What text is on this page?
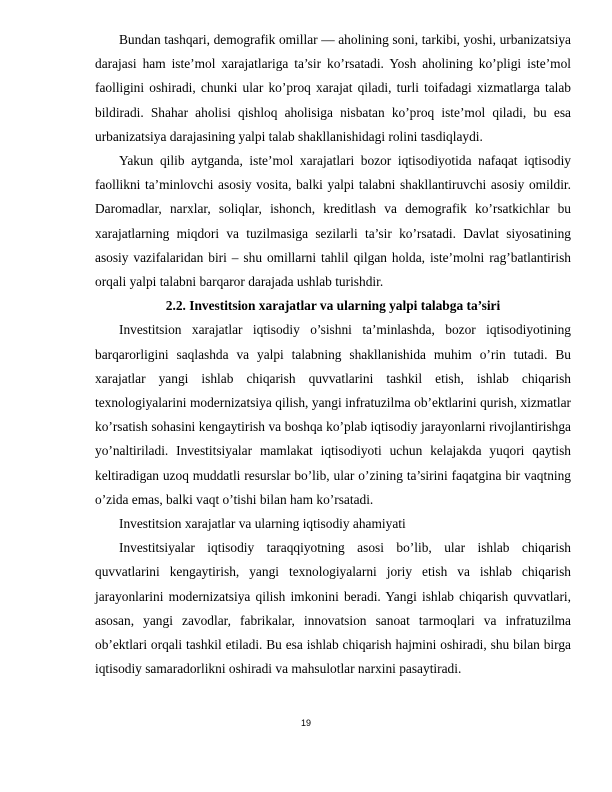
Bundan tashqari, demografik omillar — aholining soni, tarkibi, yoshi, urbanizatsiya darajasi ham iste’mol xarajatlariga ta’sir ko’rsatadi. Yosh aholining ko’pligi iste’mol faolligini oshiradi, chunki ular ko’proq xarajat qiladi, turli toifadagi xizmatlarga talab bildiradi. Shahar aholisi qishloq aholisiga nisbatan ko’proq iste’mol qiladi, bu esa urbanizatsiya darajasining yalpi talab shakllanishidagi rolini tasdiqlaydi.

Yakun qilib aytganda, iste’mol xarajatlari bozor iqtisodiyotida nafaqat iqtisodiy faollikni ta’minlovchi asosiy vosita, balki yalpi talabni shakllantiruvchi asosiy omildir. Daromadlar, narxlar, soliqlar, ishonch, kreditlash va demografik ko’rsatkichlar bu xarajatlarning miqdori va tuzilmasiga sezilarli ta’sir ko’rsatadi. Davlat siyosatining asosiy vazifalaridan biri – shu omillarni tahlil qilgan holda, iste’molni rag’batlantirish orqali yalpi talabni barqaror darajada ushlab turishdir.

2.2. Investitsion xarajatlar va ularning yalpi talabga ta’siri

Investitsion xarajatlar iqtisodiy o’sishni ta’minlashda, bozor iqtisodiyotining barqarorligini saqlashda va yalpi talabning shakllanishida muhim o’rin tutadi. Bu xarajatlar yangi ishlab chiqarish quvvatlarini tashkil etish, ishlab chiqarish texnologiyalarini modernizatsiya qilish, yangi infratuzilma ob’ektlarini qurish, xizmatlar ko’rsatish sohasini kengaytirish va boshqa ko’plab iqtisodiy jarayonlarni rivojlantirishga yo’naltiriladi. Investitsiyalar mamlakat iqtisodiyoti uchun kelajakda yuqori qaytish keltiradigan uzoq muddatli resurslar bo’lib, ular o’zining ta’sirini faqatgina bir vaqtning o’zida emas, balki vaqt o’tishi bilan ham ko’rsatadi.

Investitsion xarajatlar va ularning iqtisodiy ahamiyati

Investitsiyalar iqtisodiy taraqqiyotning asosi bo’lib, ular ishlab chiqarish quvvatlarini kengaytirish, yangi texnologiyalarni joriy etish va ishlab chiqarish jarayonlarini modernizatsiya qilish imkonini beradi. Yangi ishlab chiqarish quvvatlari, asosan, yangi zavodlar, fabrikalar, innovatsion sanoat tarmoqlari va infratuzilma ob’ektlari orqali tashkil etiladi. Bu esa ishlab chiqarish hajmini oshiradi, shu bilan birga iqtisodiy samaradorlikni oshiradi va mahsulotlar narxini pasaytiradi.

19
